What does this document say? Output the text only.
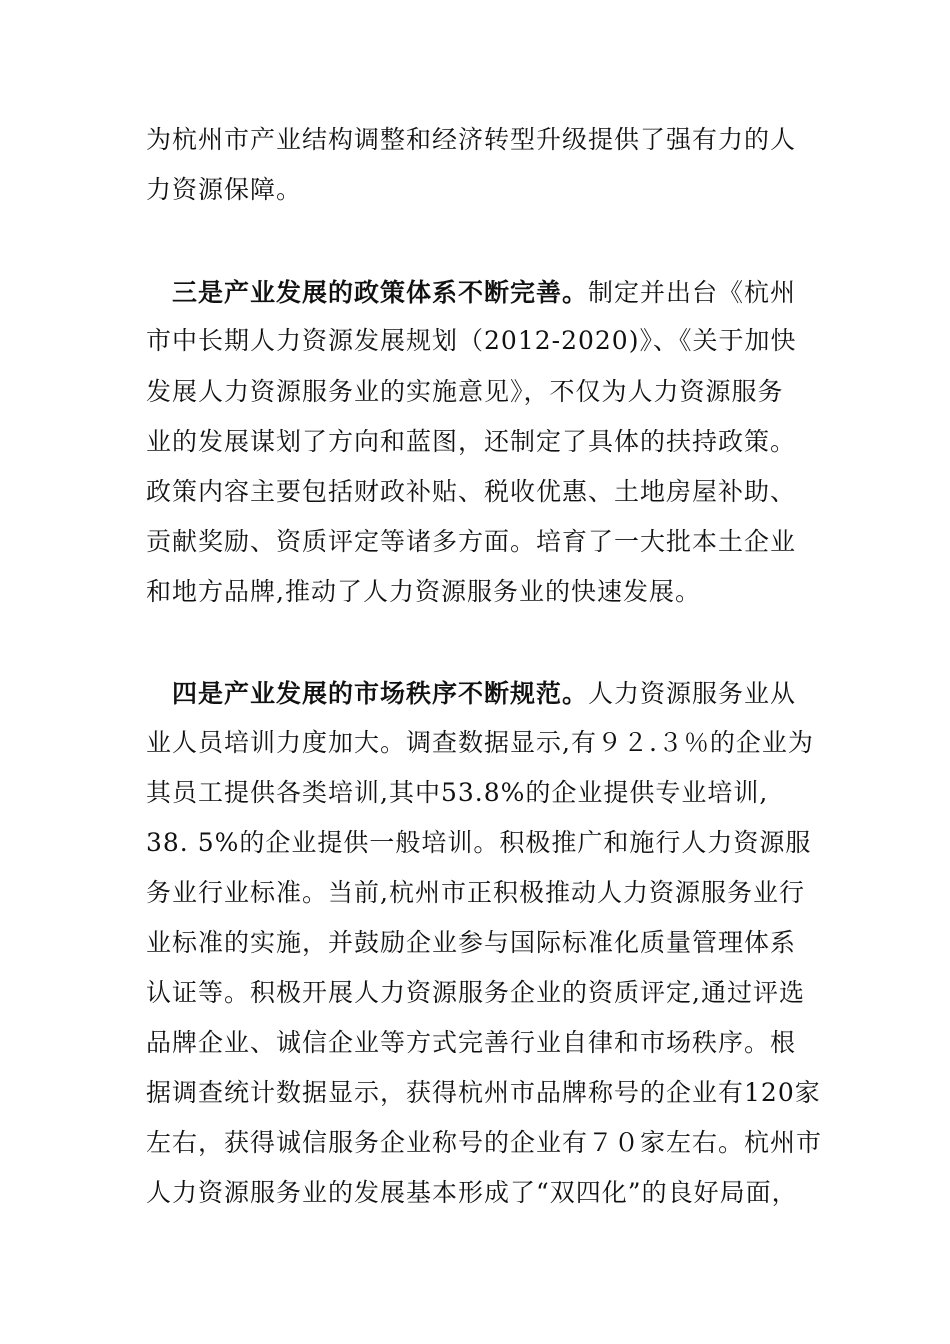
为杭州市产业结构调整和经济转型升级提供了强有力的人
力资源保障。
三是产业发展的政策体系不断完善。制定并出台《杭州
市中长期人力资源发展规划（2012-2020)》、《关于加快
发展人力资源服务业的实施意见》，不仅为人力资源服务
业的发展谋划了方向和蓝图，还制定了具体的扶持政策。
政策内容主要包括财政补贴、税收优惠、土地房屋补助、
贡献奖励、资质评定等诸多方面。培育了一大批本土企业
和地方品牌,推动了人力资源服务业的快速发展。
四是产业发展的市场秩序不断规范。人力资源服务业从
业人员培训力度加大。调查数据显示,有９２.３％的企业为
其员工提供各类培训,其中53.8%的企业提供专业培训,
38. 5%的企业提供一般培训。积极推广和施行人力资源服
务业行业标准。当前,杭州市正积极推动人力资源服务业行
业标准的实施，并鼓励企业参与国际标准化质量管理体系
认证等。积极开展人力资源服务企业的资质评定,通过评选
品牌企业、诚信企业等方式完善行业自律和市场秩序。根
据调查统计数据显示，获得杭州市品牌称号的企业有120家
左右，获得诚信服务企业称号的企业有７０家左右。杭州市
人力资源服务业的发展基本形成了“双四化”的良好局面，
